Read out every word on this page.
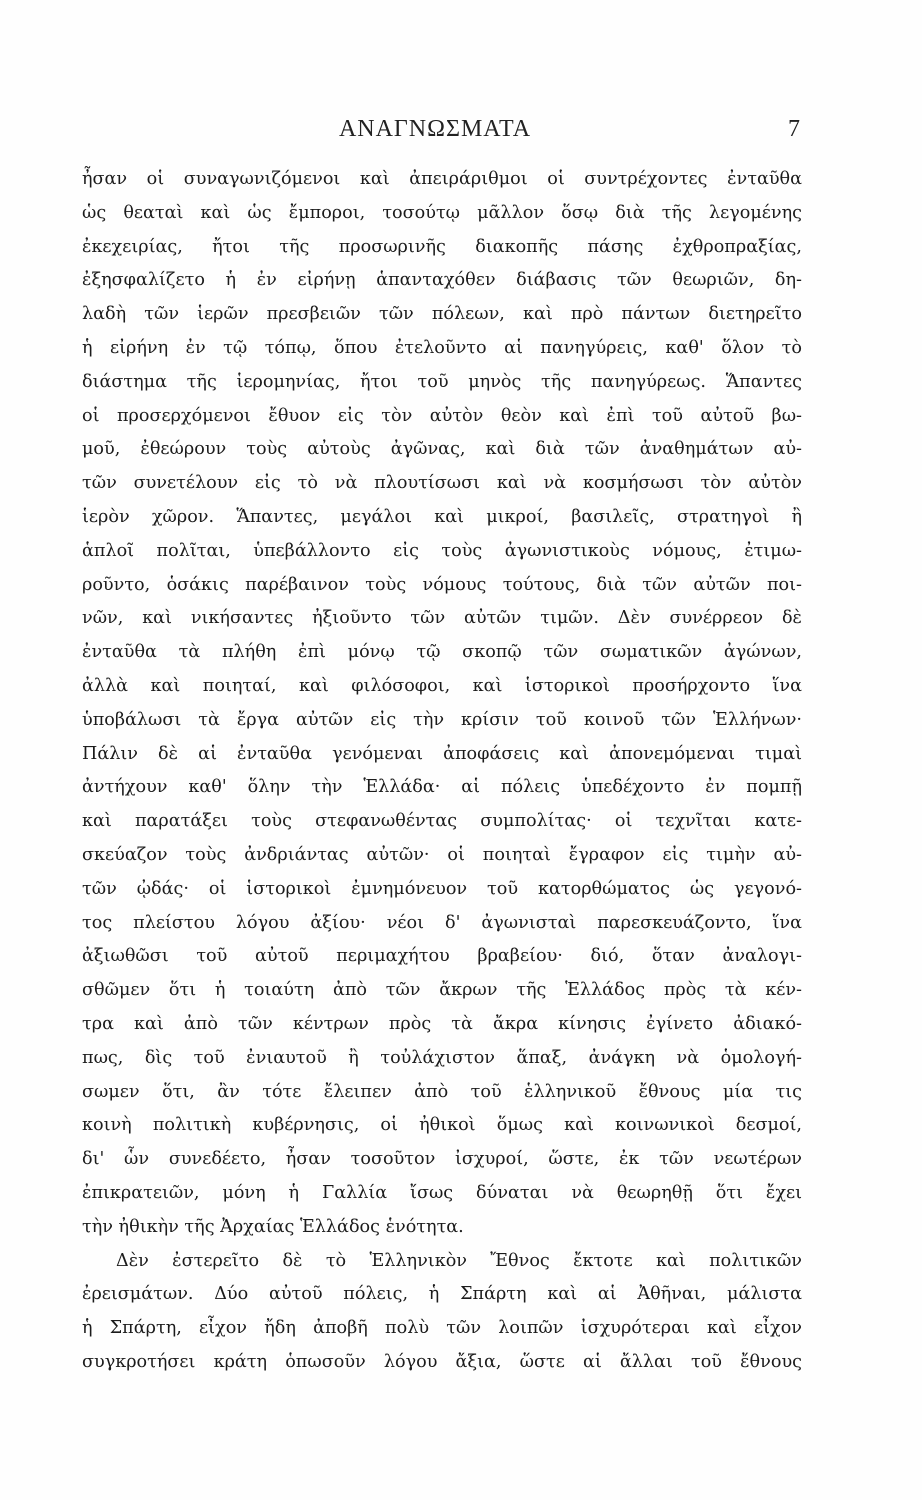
ΑΝΑΓΝΩΣΜΑΤΑ	7
ἦσαν οἱ συναγωνιζόμενοι καὶ ἀπειράριθμοι οἱ συντρέχοντες ἐνταῦθα
ὡς θεαταὶ καὶ ὡς ἔμποροι, τοσούτῳ μᾶλλον ὅσῳ διὰ τῆς λεγομένης
ἐκεχειρίας, ἤτοι τῆς προσωρινῆς διακοπῆς πάσης ἐχθροπραξίας,
ἐξησφαλίζετο ἡ ἐν εἰρήνῃ ἁπανταχόθεν διάβασις τῶν θεωριῶν, δη-
λαδὴ τῶν ἱερῶν πρεσβειῶν τῶν πόλεων, καὶ πρὸ πάντων διετηρεῖτο
ἡ εἰρήνη ἐν τῷ τόπῳ, ὅπου ἐτελοῦντο αἱ πανηγύρεις, καθ' ὅλον τὸ
διάστημα τῆς ἱερομηνίας, ἤτοι τοῦ μηνὸς τῆς πανηγύρεως. Ἅπαντες
οἱ προσερχόμενοι ἔθυον εἰς τὸν αὐτὸν θεὸν καὶ ἐπὶ τοῦ αὐτοῦ βω-
μοῦ, ἐθεώρουν τοὺς αὐτοὺς ἀγῶνας, καὶ διὰ τῶν ἀναθημάτων αὐ-
τῶν συνετέλουν εἰς τὸ νὰ πλουτίσωσι καὶ νὰ κοσμήσωσι τὸν αὐτὸν
ἱερὸν χῶρον. Ἅπαντες, μεγάλοι καὶ μικροί, βασιλεῖς, στρατηγοὶ ἢ
ἁπλοῖ πολῖται, ὑπεβάλλοντο εἰς τοὺς ἀγωνιστικοὺς νόμους, ἐτιμω-
ροῦντο, ὁσάκις παρέβαινον τοὺς νόμους τούτους, διὰ τῶν αὐτῶν ποι-
νῶν, καὶ νικήσαντες ἠξιοῦντο τῶν αὐτῶν τιμῶν. Δὲν συνέρρεον δὲ
ἐνταῦθα τὰ πλήθη ἐπὶ μόνῳ τῷ σκοπῷ τῶν σωματικῶν ἀγώνων,
ἀλλὰ καὶ ποιηταί, καὶ φιλόσοφοι, καὶ ἱστορικοὶ προσήρχοντο ἵνα
ὑποβάλωσι τὰ ἔργα αὐτῶν εἰς τὴν κρίσιν τοῦ κοινοῦ τῶν Ἑλλήνων·
Πάλιν δὲ αἱ ἐνταῦθα γενόμεναι ἀποφάσεις καὶ ἀπονεμόμεναι τιμαὶ
ἀντήχουν καθ' ὅλην τὴν Ἑλλάδα· αἱ πόλεις ὑπεδέχοντο ἐν πομπῇ
καὶ παρατάξει τοὺς στεφανωθέντας συμπολίτας· οἱ τεχνῖται κατε-
σκεύαζον τοὺς ἀνδριάντας αὐτῶν· οἱ ποιηταὶ ἔγραφον εἰς τιμὴν αὐ-
τῶν ᾠδάς· οἱ ἱστορικοὶ ἐμνημόνευον τοῦ κατορθώματος ὡς γεγονό-
τος πλείστου λόγου ἀξίου· νέοι δ' ἀγωνισταὶ παρεσκευάζοντο, ἵνα
ἀξιωθῶσι τοῦ αὐτοῦ περιμαχήτου βραβείου· διό, ὅταν ἀναλογι-
σθῶμεν ὅτι ἡ τοιαύτη ἀπὸ τῶν ἄκρων τῆς Ἑλλάδος πρὸς τὰ κέν-
τρα καὶ ἀπὸ τῶν κέντρων πρὸς τὰ ἄκρα κίνησις ἐγίνετο ἀδιακό-
πως, δὶς τοῦ ἐνιαυτοῦ ἢ τοὐλάχιστον ἅπαξ, ἀνάγκη νὰ ὁμολογή-
σωμεν ὅτι, ἂν τότε ἔλειπεν ἀπὸ τοῦ ἑλληνικοῦ ἔθνους μία τις
κοινὴ πολιτικὴ κυβέρνησις, οἱ ἠθικοὶ ὅμως καὶ κοινωνικοὶ δεσμοί,
δι' ὧν συνεδέετο, ἦσαν τοσοῦτον ἰσχυροί, ὥστε, ἐκ τῶν νεωτέρων
ἐπικρατειῶν, μόνη ἡ Γαλλία ἴσως δύναται νὰ θεωρηθῇ ὅτι ἔχει
τὴν ἠθικὴν τῆς Ἀρχαίας Ἑλλάδος ἑνότητα.
Δὲν ἐστερεῖτο δὲ τὸ Ἑλληνικὸν Ἔθνος ἔκτοτε καὶ πολιτικῶν
ἐρεισμάτων. Δύο αὐτοῦ πόλεις, ἡ Σπάρτη καὶ αἱ Ἀθῆναι, μάλιστα
ἡ Σπάρτη, εἶχον ἤδη ἀποβῆ πολὺ τῶν λοιπῶν ἰσχυρότεραι καὶ εἶχον
συγκροτήσει κράτη ὁπωσοῦν λόγου ἄξια, ὥστε αἱ ἄλλαι τοῦ ἔθνους
